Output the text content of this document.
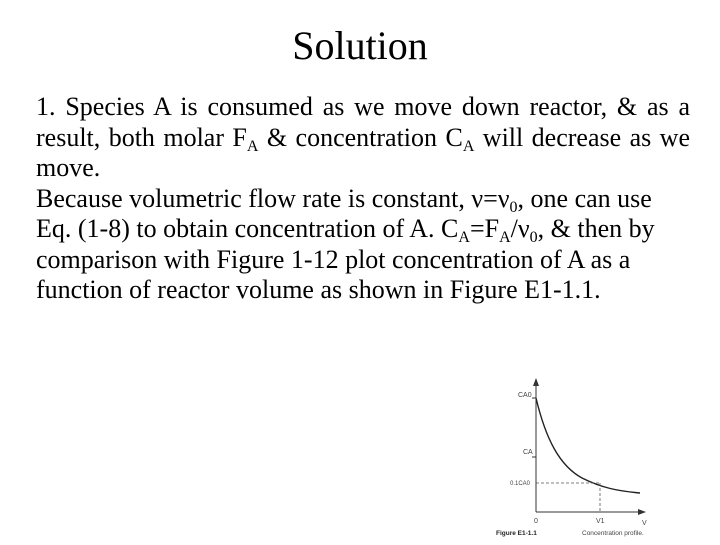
Solution

1. Species A is consumed as we move down reactor, & as a result, both molar $F_A$ & concentration $C_A$ will decrease as we move.

Because volumetric flow rate is constant, $\nu=\nu_0$, one can use Eq. (1-8) to obtain concentration of A. $C_A=F_A/\nu_0$, & then by comparison with Figure 1-12 plot concentration of A as a function of reactor volume as shown in Figure E1-1.1.

CA0
CA
0.1CA0
0	V1	V
Figure E1-1.1	Concentration profile.
